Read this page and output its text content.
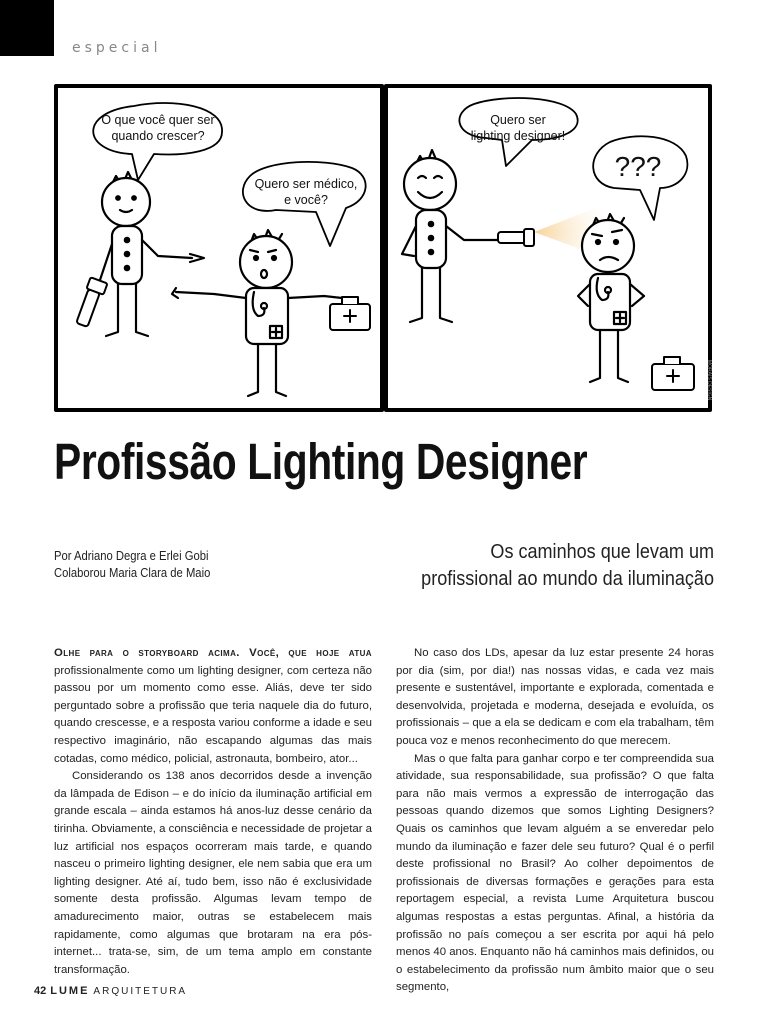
especial
O que você quer ser
quando crescer?
Quero ser médico,
e você?
Quero ser
lighting designer!
???
MORAIS DESIGN
Profissão Lighting Designer
Por Adriano Degra e Erlei Gobi
Colaborou Maria Clara de Maio
Os caminhos que levam um
profissional ao mundo da iluminação

Olhe para o storyboard acima. Você, que hoje atua profissionalmente como um lighting designer, com certeza não passou por um momento como esse. Aliás, deve ter sido perguntado sobre a profissão que teria naquele dia do futuro, quando crescesse, e a resposta variou conforme a idade e seu respectivo imaginário, não escapando algumas das mais cotadas, como médico, policial, astronauta, bombeiro, ator...

Considerando os 138 anos decorridos desde a invenção da lâmpada de Edison – e do início da iluminação artificial em grande escala – ainda estamos há anos-luz desse cenário da tirinha. Obviamente, a consciência e necessidade de projetar a luz artificial nos espaços ocorreram mais tarde, e quando nasceu o primeiro lighting designer, ele nem sabia que era um lighting designer. Até aí, tudo bem, isso não é exclusividade somente desta profissão. Algumas levam tempo de amadurecimento maior, outras se estabelecem mais rapidamente, como algumas que brotaram na era pós-internet... trata-se, sim, de um tema amplo em constante transformação.

No caso dos LDs, apesar da luz estar presente 24 horas por dia (sim, por dia!) nas nossas vidas, e cada vez mais presente e sustentável, importante e explorada, comentada e desenvolvida, projetada e moderna, desejada e evoluída, os profissionais – que a ela se dedicam e com ela trabalham, têm pouca voz e menos reconhecimento do que merecem.

Mas o que falta para ganhar corpo e ter compreendida sua atividade, sua responsabilidade, sua profissão? O que falta para não mais vermos a expressão de interrogação das pessoas quando dizemos que somos Lighting Designers? Quais os caminhos que levam alguém a se enveredar pelo mundo da iluminação e fazer dele seu futuro? Qual é o perfil deste profissional no Brasil? Ao colher depoimentos de profissionais de diversas formações e gerações para esta reportagem especial, a revista Lume Arquitetura buscou algumas respostas a estas perguntas. Afinal, a história da profissão no país começou a ser escrita por aqui há pelo menos 40 anos. Enquanto não há caminhos mais definidos, ou o estabelecimento da profissão num âmbito maior que o seu segmento,

42 LUME ARQUITETURA
